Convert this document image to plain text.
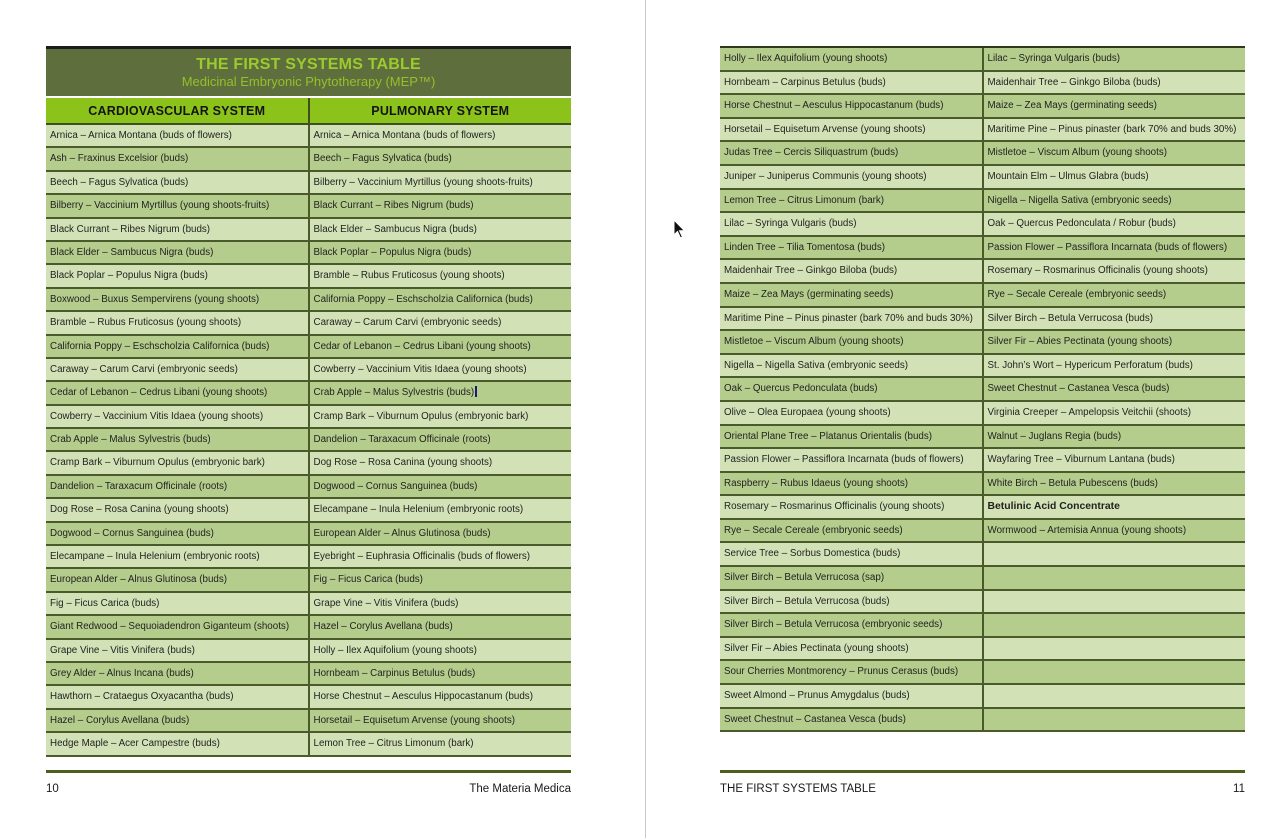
THE FIRST SYSTEMS TABLE
Medicinal Embryonic Phytotherapy (MEP™)
CARDIOVASCULAR SYSTEM	PULMONARY SYSTEM
Arnica – Arnica Montana (buds of flowers)	Arnica – Arnica Montana (buds of flowers)
Ash – Fraxinus Excelsior (buds)	Beech – Fagus Sylvatica (buds)
Beech – Fagus Sylvatica (buds)	Bilberry – Vaccinium Myrtillus (young shoots-fruits)
Bilberry – Vaccinium Myrtillus (young shoots-fruits)	Black Currant – Ribes Nigrum (buds)
Black Currant – Ribes Nigrum (buds)	Black Elder – Sambucus Nigra (buds)
Black Elder – Sambucus Nigra (buds)	Black Poplar – Populus Nigra (buds)
Black Poplar – Populus Nigra (buds)	Bramble – Rubus Fruticosus (young shoots)
Boxwood – Buxus Sempervirens (young shoots)	California Poppy – Eschscholzia Californica (buds)
Bramble – Rubus Fruticosus (young shoots)	Caraway – Carum Carvi (embryonic seeds)
California Poppy – Eschscholzia Californica (buds)	Cedar of Lebanon – Cedrus Libani (young shoots)
Caraway – Carum Carvi (embryonic seeds)	Cowberry – Vaccinium Vitis Idaea (young shoots)
Cedar of Lebanon – Cedrus Libani (young shoots)	Crab Apple – Malus Sylvestris (buds)
Cowberry – Vaccinium Vitis Idaea (young shoots)	Cramp Bark – Viburnum Opulus (embryonic bark)
Crab Apple – Malus Sylvestris (buds)	Dandelion – Taraxacum Officinale (roots)
Cramp Bark – Viburnum Opulus (embryonic bark)	Dog Rose – Rosa Canina (young shoots)
Dandelion – Taraxacum Officinale (roots)	Dogwood – Cornus Sanguinea (buds)
Dog Rose – Rosa Canina (young shoots)	Elecampane – Inula Helenium (embryonic roots)
Dogwood – Cornus Sanguinea (buds)	European Alder – Alnus Glutinosa (buds)
Elecampane – Inula Helenium (embryonic roots)	Eyebright – Euphrasia Officinalis (buds of flowers)
European Alder – Alnus Glutinosa (buds)	Fig – Ficus Carica (buds)
Fig – Ficus Carica (buds)	Grape Vine – Vitis Vinifera (buds)
Giant Redwood – Sequoiadendron Giganteum (shoots)	Hazel – Corylus Avellana (buds)
Grape Vine – Vitis Vinifera (buds)	Holly – Ilex Aquifolium (young shoots)
Grey Alder – Alnus Incana (buds)	Hornbeam – Carpinus Betulus (buds)
Hawthorn – Crataegus Oxyacantha (buds)	Horse Chestnut – Aesculus Hippocastanum (buds)
Hazel – Corylus Avellana (buds)	Horsetail – Equisetum Arvense (young shoots)
Hedge Maple – Acer Campestre (buds)	Lemon Tree – Citrus Limonum (bark)
10	The Materia Medica
Holly – Ilex Aquifolium (young shoots)	Lilac – Syringa Vulgaris (buds)
Hornbeam – Carpinus Betulus (buds)	Maidenhair Tree – Ginkgo Biloba (buds)
Horse Chestnut – Aesculus Hippocastanum (buds)	Maize – Zea Mays (germinating seeds)
Horsetail – Equisetum Arvense (young shoots)	Maritime Pine – Pinus pinaster (bark 70% and buds 30%)
Judas Tree – Cercis Siliquastrum (buds)	Mistletoe – Viscum Album (young shoots)
Juniper – Juniperus Communis (young shoots)	Mountain Elm – Ulmus Glabra (buds)
Lemon Tree – Citrus Limonum (bark)	Nigella – Nigella Sativa (embryonic seeds)
Lilac – Syringa Vulgaris (buds)	Oak – Quercus Pedonculata / Robur (buds)
Linden Tree – Tilia Tomentosa (buds)	Passion Flower – Passiflora Incarnata (buds of flowers)
Maidenhair Tree – Ginkgo Biloba (buds)	Rosemary – Rosmarinus Officinalis (young shoots)
Maize – Zea Mays (germinating seeds)	Rye – Secale Cereale (embryonic seeds)
Maritime Pine – Pinus pinaster (bark 70% and buds 30%)	Silver Birch – Betula Verrucosa (buds)
Mistletoe – Viscum Album (young shoots)	Silver Fir – Abies Pectinata (young shoots)
Nigella – Nigella Sativa (embryonic seeds)	St. John’s Wort – Hypericum Perforatum (buds)
Oak – Quercus Pedonculata (buds)	Sweet Chestnut – Castanea Vesca (buds)
Olive – Olea Europaea (young shoots)	Virginia Creeper – Ampelopsis Veitchii (shoots)
Oriental Plane Tree – Platanus Orientalis (buds)	Walnut – Juglans Regia (buds)
Passion Flower – Passiflora Incarnata (buds of flowers)	Wayfaring Tree – Viburnum Lantana (buds)
Raspberry – Rubus Idaeus (young shoots)	White Birch – Betula Pubescens (buds)
Rosemary – Rosmarinus Officinalis (young shoots)	Betulinic Acid Concentrate
Rye – Secale Cereale (embryonic seeds)	Wormwood – Artemisia Annua (young shoots)
Service Tree – Sorbus Domestica (buds)
Silver Birch – Betula Verrucosa (sap)
Silver Birch – Betula Verrucosa (buds)
Silver Birch – Betula Verrucosa (embryonic seeds)
Silver Fir – Abies Pectinata (young shoots)
Sour Cherries Montmorency – Prunus Cerasus (buds)
Sweet Almond – Prunus Amygdalus (buds)
Sweet Chestnut – Castanea Vesca (buds)
THE FIRST SYSTEMS TABLE	11
